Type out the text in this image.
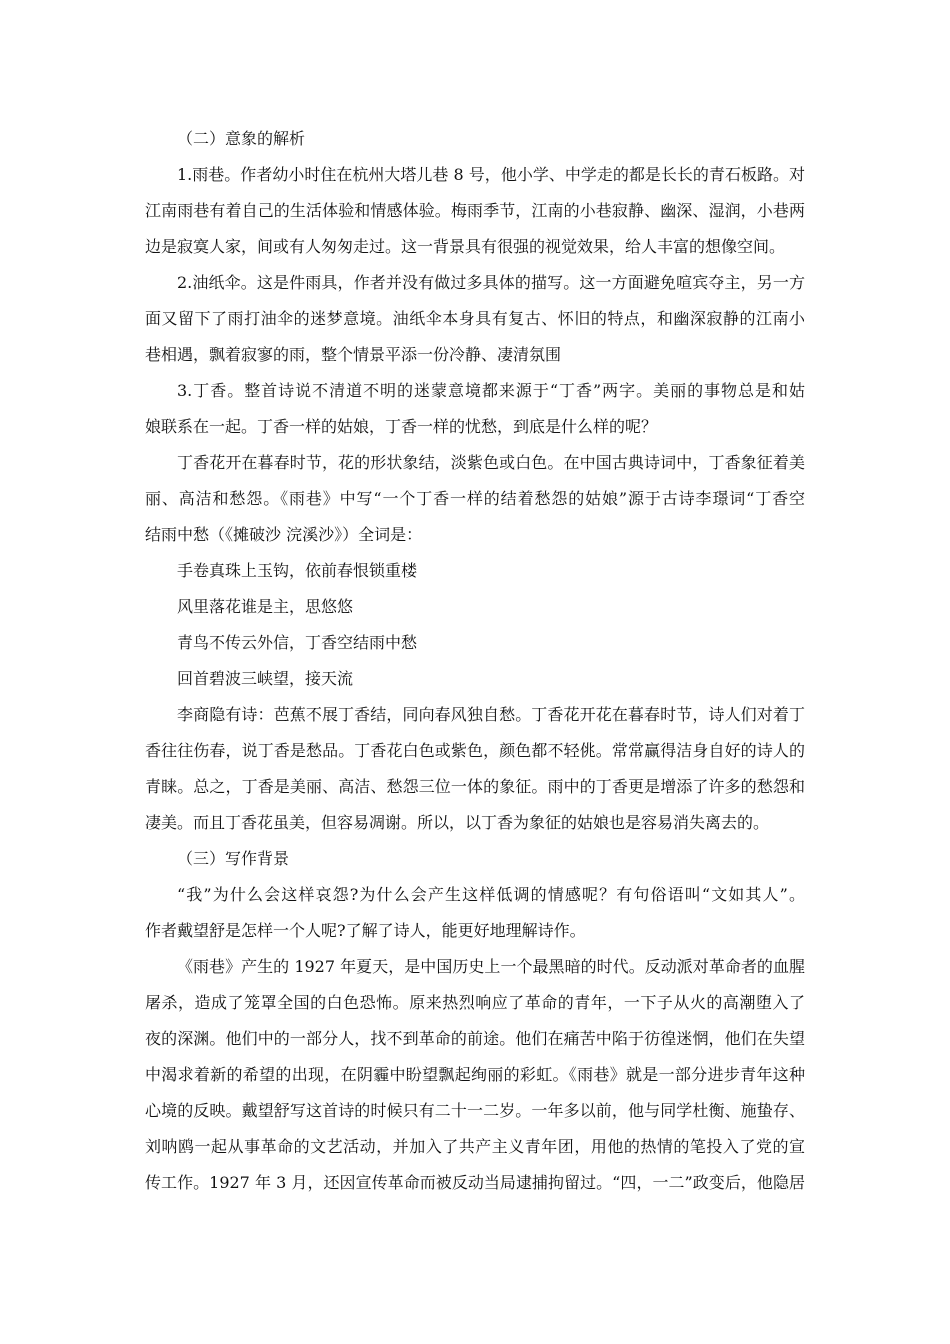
（二）意象的解析
1.雨巷。作者幼小时住在杭州大塔儿巷 8 号，他小学、中学走的都是长长的青石板路。对
江南雨巷有着自己的生活体验和情感体验。梅雨季节，江南的小巷寂静、幽深、湿润，小巷两
边是寂寞人家，间或有人匆匆走过。这一背景具有很强的视觉效果，给人丰富的想像空间。
2.油纸伞。这是件雨具，作者并没有做过多具体的描写。这一方面避免喧宾夺主，另一方
面又留下了雨打油伞的迷梦意境。油纸伞本身具有复古、怀旧的特点，和幽深寂静的江南小
巷相遇，飘着寂寥的雨，整个情景平添一份冷静、凄清氛围
3.丁香。整首诗说不清道不明的迷蒙意境都来源于“丁香”两字。美丽的事物总是和姑
娘联系在一起。丁香一样的姑娘，丁香一样的忧愁，到底是什么样的呢？
丁香花开在暮春时节，花的形状象结，淡紫色或白色。在中国古典诗词中，丁香象征着美
丽、高洁和愁怨。《雨巷》中写“一个丁香一样的结着愁怨的姑娘”源于古诗李璟词“丁香空
结雨中愁（《摊破沙 浣溪沙》）全词是：
手卷真珠上玉钩，依前春恨锁重楼
风里落花谁是主，思悠悠
青鸟不传云外信，丁香空结雨中愁
回首碧波三峡望，接天流
李商隐有诗：芭蕉不展丁香结，同向春风独自愁。丁香花开花在暮春时节，诗人们对着丁
香往往伤春，说丁香是愁品。丁香花白色或紫色，颜色都不轻佻。常常赢得洁身自好的诗人的
青睐。总之，丁香是美丽、高洁、愁怨三位一体的象征。雨中的丁香更是增添了许多的愁怨和
凄美。而且丁香花虽美，但容易凋谢。所以，以丁香为象征的姑娘也是容易消失离去的。
（三）写作背景
“我”为什么会这样哀怨?为什么会产生这样低调的情感呢？有句俗语叫“文如其人”。
作者戴望舒是怎样一个人呢?了解了诗人，能更好地理解诗作。
《雨巷》产生的 1927 年夏天，是中国历史上一个最黑暗的时代。反动派对革命者的血腥
屠杀，造成了笼罩全国的白色恐怖。原来热烈响应了革命的青年，一下子从火的高潮堕入了
夜的深渊。他们中的一部分人，找不到革命的前途。他们在痛苦中陷于彷徨迷惘，他们在失望
中渴求着新的希望的出现，在阴霾中盼望飘起绚丽的彩虹。《雨巷》就是一部分进步青年这种
心境的反映。戴望舒写这首诗的时候只有二十一二岁。一年多以前，他与同学杜衡、施蛰存、
刘呐鸥一起从事革命的文艺活动，并加入了共产主义青年团，用他的热情的笔投入了党的宣
传工作。1927 年 3 月，还因宣传革命而被反动当局逮捕拘留过。“四，一二”政变后，他隐居
